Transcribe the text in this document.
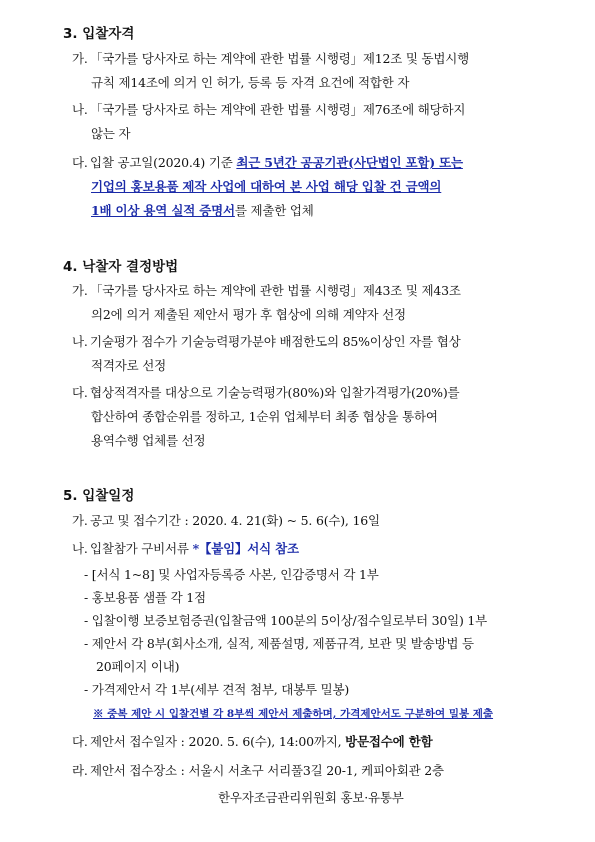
3. 입찰자격
가. 「국가를 당사자로 하는 계약에 관한 법률 시행령」제12조 및 동법시행
규칙 제14조에 의거 인 허가, 등록 등 자격 요건에 적합한 자
나. 「국가를 당사자로 하는 계약에 관한 법률 시행령」제76조에 해당하지
않는 자
다. 입찰 공고일(2020.4) 기준 최근 5년간 공공기관(사단법인 포함) 또는
기업의 홍보용품 제작 사업에 대하여 본 사업 해당 입찰 건 금액의
1배 이상 용역 실적 증명서를 제출한 업체
4. 낙찰자 결정방법
가. 「국가를 당사자로 하는 계약에 관한 법률 시행령」제43조 및 제43조
의2에 의거 제출된 제안서 평가 후 협상에 의해 계약자 선정
나. 기술평가 점수가 기술능력평가분야 배점한도의 85%이상인 자를 협상
적격자로 선정
다. 협상적격자를 대상으로 기술능력평가(80%)와 입찰가격평가(20%)를
합산하여 종합순위를 정하고, 1순위 업체부터 최종 협상을 통하여
용역수행 업체를 선정
5. 입찰일정
가. 공고 및 접수기간 : 2020. 4. 21(화) ~ 5. 6(수), 16일
나. 입찰참가 구비서류 *【붙임】서식 참조
- [서식 1~8] 및 사업자등록증 사본, 인감증명서 각 1부
- 홍보용품 샘플 각 1점
- 입찰이행 보증보험증권(입찰금액 100분의 5이상/접수일로부터 30일) 1부
- 제안서 각 8부(회사소개, 실적, 제품설명, 제품규격, 보관 및 발송방법 등
20페이지 이내)
- 가격제안서 각 1부(세부 견적 첨부, 대봉투 밀봉)
※ 중복 제안 시 입찰건별 각 8부씩 제안서 제출하며, 가격제안서도 구분하여 밀봉 제출
다. 제안서 접수일자 : 2020. 5. 6(수), 14:00까지, 방문접수에 한함
라. 제안서 접수장소 : 서울시 서초구 서리풀3길 20-1, 케피아회관 2층
한우자조금관리위원회 홍보·유통부
